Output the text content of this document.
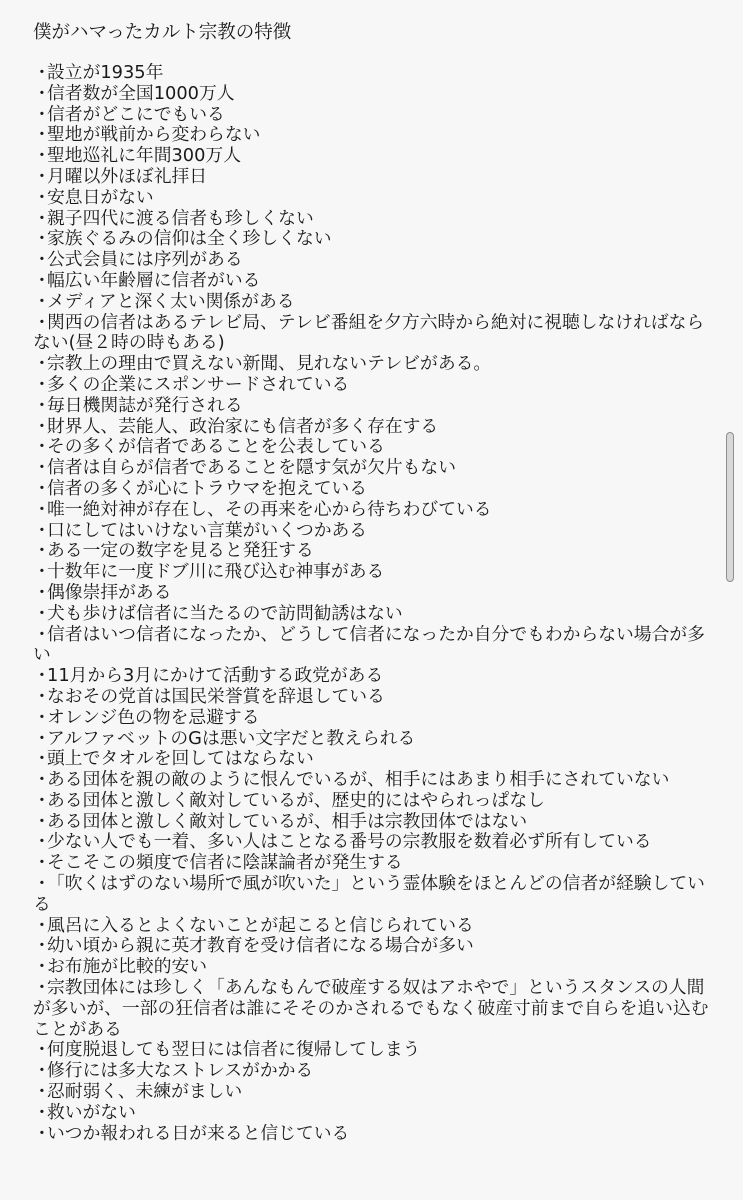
僕がハマったカルト宗教の特徴
・設立が1935年
・信者数が全国1000万人
・信者がどこにでもいる
・聖地が戦前から変わらない
・聖地巡礼に年間300万人
・月曜以外ほぼ礼拝日
・安息日がない
・親子四代に渡る信者も珍しくない
・家族ぐるみの信仰は全く珍しくない
・公式会員には序列がある
・幅広い年齢層に信者がいる
・メディアと深く太い関係がある
・関西の信者はあるテレビ局、テレビ番組を夕方六時から絶対に視聴しなければならない(昼２時の時もある)
・宗教上の理由で買えない新聞、見れないテレビがある。
・多くの企業にスポンサードされている
・毎日機関誌が発行される
・財界人、芸能人、政治家にも信者が多く存在する
・その多くが信者であることを公表している
・信者は自らが信者であることを隠す気が欠片もない
・信者の多くが心にトラウマを抱えている
・唯一絶対神が存在し、その再来を心から待ちわびている
・口にしてはいけない言葉がいくつかある
・ある一定の数字を見ると発狂する
・十数年に一度ドブ川に飛び込む神事がある
・偶像崇拝がある
・犬も歩けば信者に当たるので訪問勧誘はない
・信者はいつ信者になったか、どうして信者になったか自分でもわからない場合が多い
・11月から3月にかけて活動する政党がある
・なおその党首は国民栄誉賞を辞退している
・オレンジ色の物を忌避する
・アルファベットのGは悪い文字だと教えられる
・頭上でタオルを回してはならない
・ある団体を親の敵のように恨んでいるが、相手にはあまり相手にされていない
・ある団体と激しく敵対しているが、歴史的にはやられっぱなし
・ある団体と激しく敵対しているが、相手は宗教団体ではない
・少ない人でも一着、多い人はことなる番号の宗教服を数着必ず所有している
・そこそこの頻度で信者に陰謀論者が発生する
・「吹くはずのない場所で風が吹いた」という霊体験をほとんどの信者が経験している
・風呂に入るとよくないことが起こると信じられている
・幼い頃から親に英才教育を受け信者になる場合が多い
・お布施が比較的安い
・宗教団体には珍しく「あんなもんで破産する奴はアホやで」というスタンスの人間が多いが、一部の狂信者は誰にそそのかされるでもなく破産寸前まで自らを追い込むことがある
・何度脱退しても翌日には信者に復帰してしまう
・修行には多大なストレスがかかる
・忍耐弱く、未練がましい
・救いがない
・いつか報われる日が来ると信じている
